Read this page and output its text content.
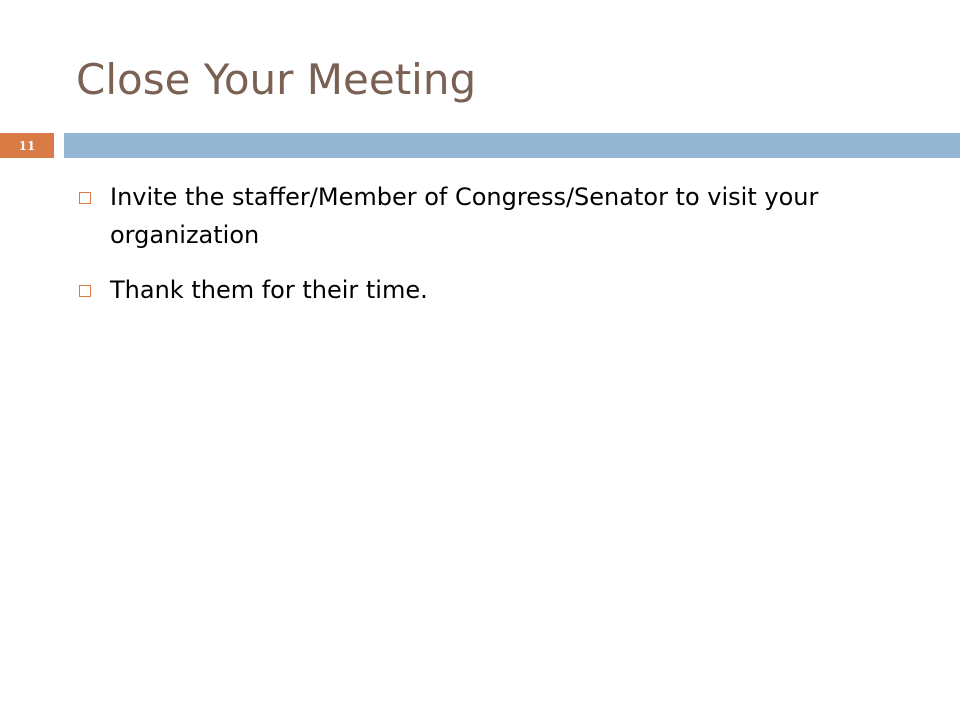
Close Your Meeting
11
Invite the staffer/Member of Congress/Senator to visit your organization
Thank them for their time.
